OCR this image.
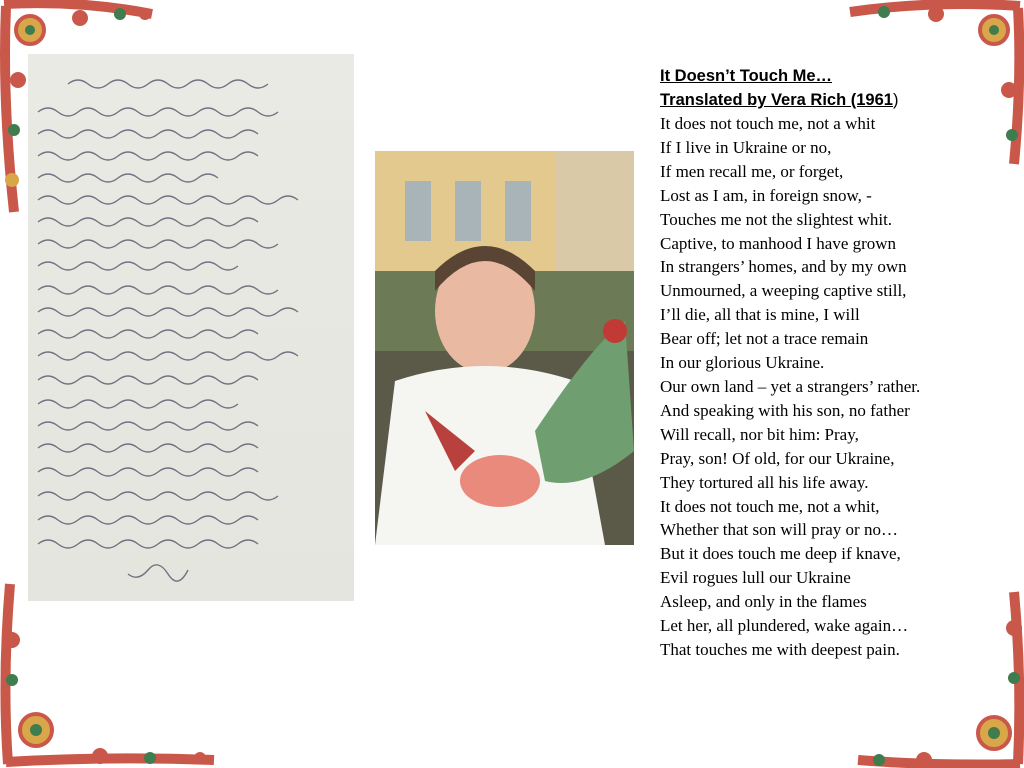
It Doesn’t Touch Me…
Translated by Vera Rich (1961)
It does not touch me, not a whit
If I live in Ukraine or no,
If men recall me, or forget,
Lost as I am, in foreign snow, -
Touches me not the slightest whit.
Captive, to manhood I have grown
In strangers’ homes, and by my own
Unmourned, a weeping captive still,
I’ll die, all that is mine, I will
Bear off; let not a trace remain
In our glorious Ukraine.
Our own land – yet a strangers’ rather.
And speaking with his son, no father
Will recall, nor bit him: Pray,
Pray, son! Of old, for our Ukraine,
They tortured all his life away.
It does not touch me, not a whit,
Whether that son will pray or no…
But it does touch me deep if knave,
Evil rogues lull our Ukraine
Asleep, and only in the flames
Let her, all plundered, wake again…
That touches me with deepest pain.
